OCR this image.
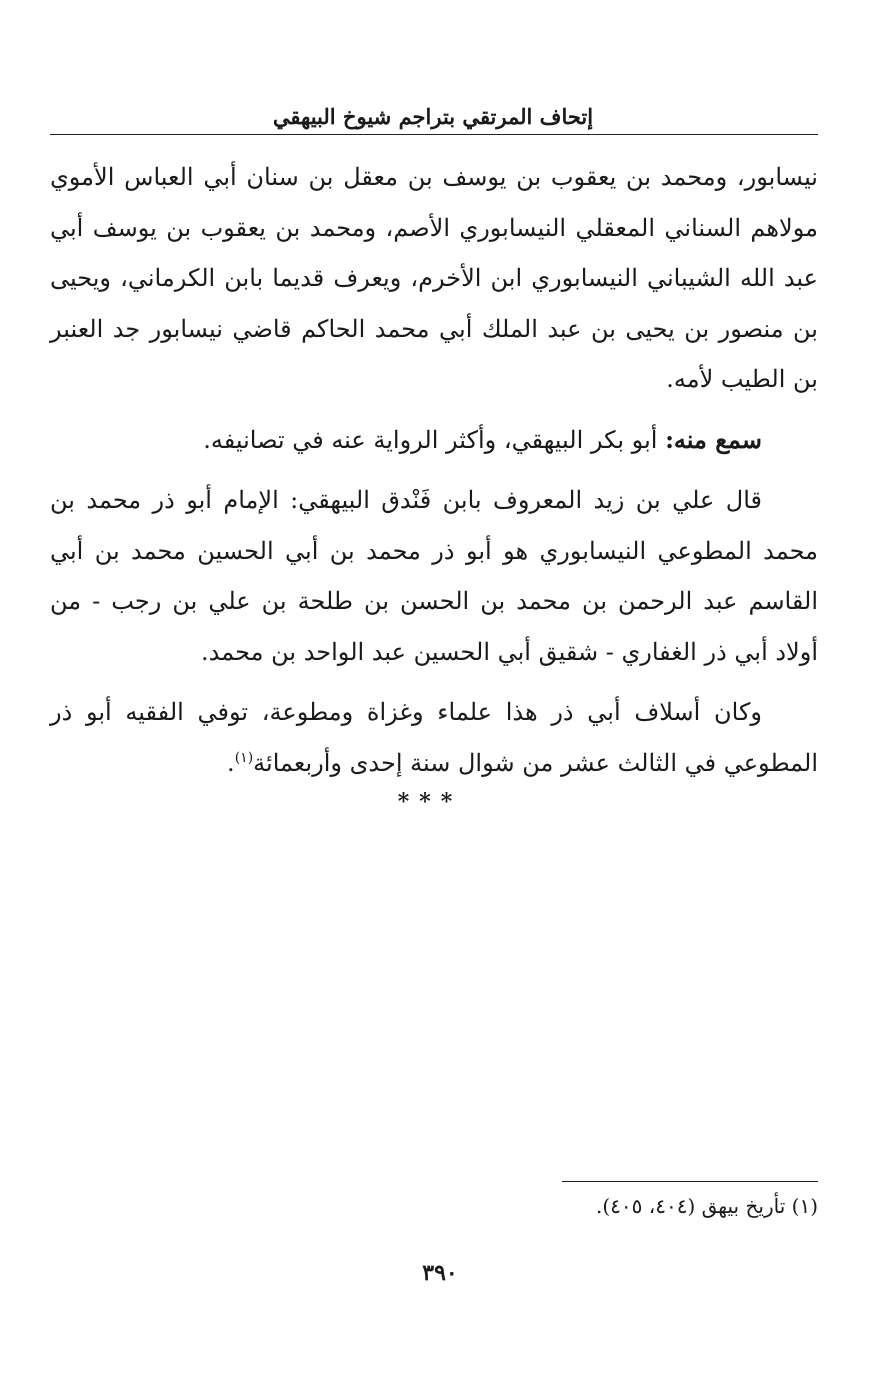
إتحاف المرتقي بتراجم شيوخ البيهقي

نيسابور، ومحمد بن يعقوب بن يوسف بن معقل بن سنان أبي العباس الأموي مولاهم السناني المعقلي النيسابوري الأصم، ومحمد بن يعقوب بن يوسف أبي عبد الله الشيباني النيسابوري ابن الأخرم، ويعرف قديما بابن الكرماني، ويحيى بن منصور بن يحيى بن عبد الملك أبي محمد الحاكم قاضي نيسابور جد العنبر بن الطيب لأمه.

سمع منه: أبو بكر البيهقي، وأكثر الرواية عنه في تصانيفه.

قال علي بن زيد المعروف بابن فَنْدق البيهقي: الإمام أبو ذر محمد بن محمد المطوعي النيسابوري هو أبو ذر محمد بن أبي الحسين محمد بن أبي القاسم عبد الرحمن بن محمد بن الحسن بن طلحة بن علي بن رجب - من أولاد أبي ذر الغفاري - شقيق أبي الحسين عبد الواحد بن محمد.

وكان أسلاف أبي ذر هذا علماء وغزاة ومطوعة، توفي الفقيه أبو ذر المطوعي في الثالث عشر من شوال سنة إحدى وأربعمائة$^{(١)}$.

***
(١) تأريخ بيهق (٤٠٤، ٤٠٥).
٣٩٠
